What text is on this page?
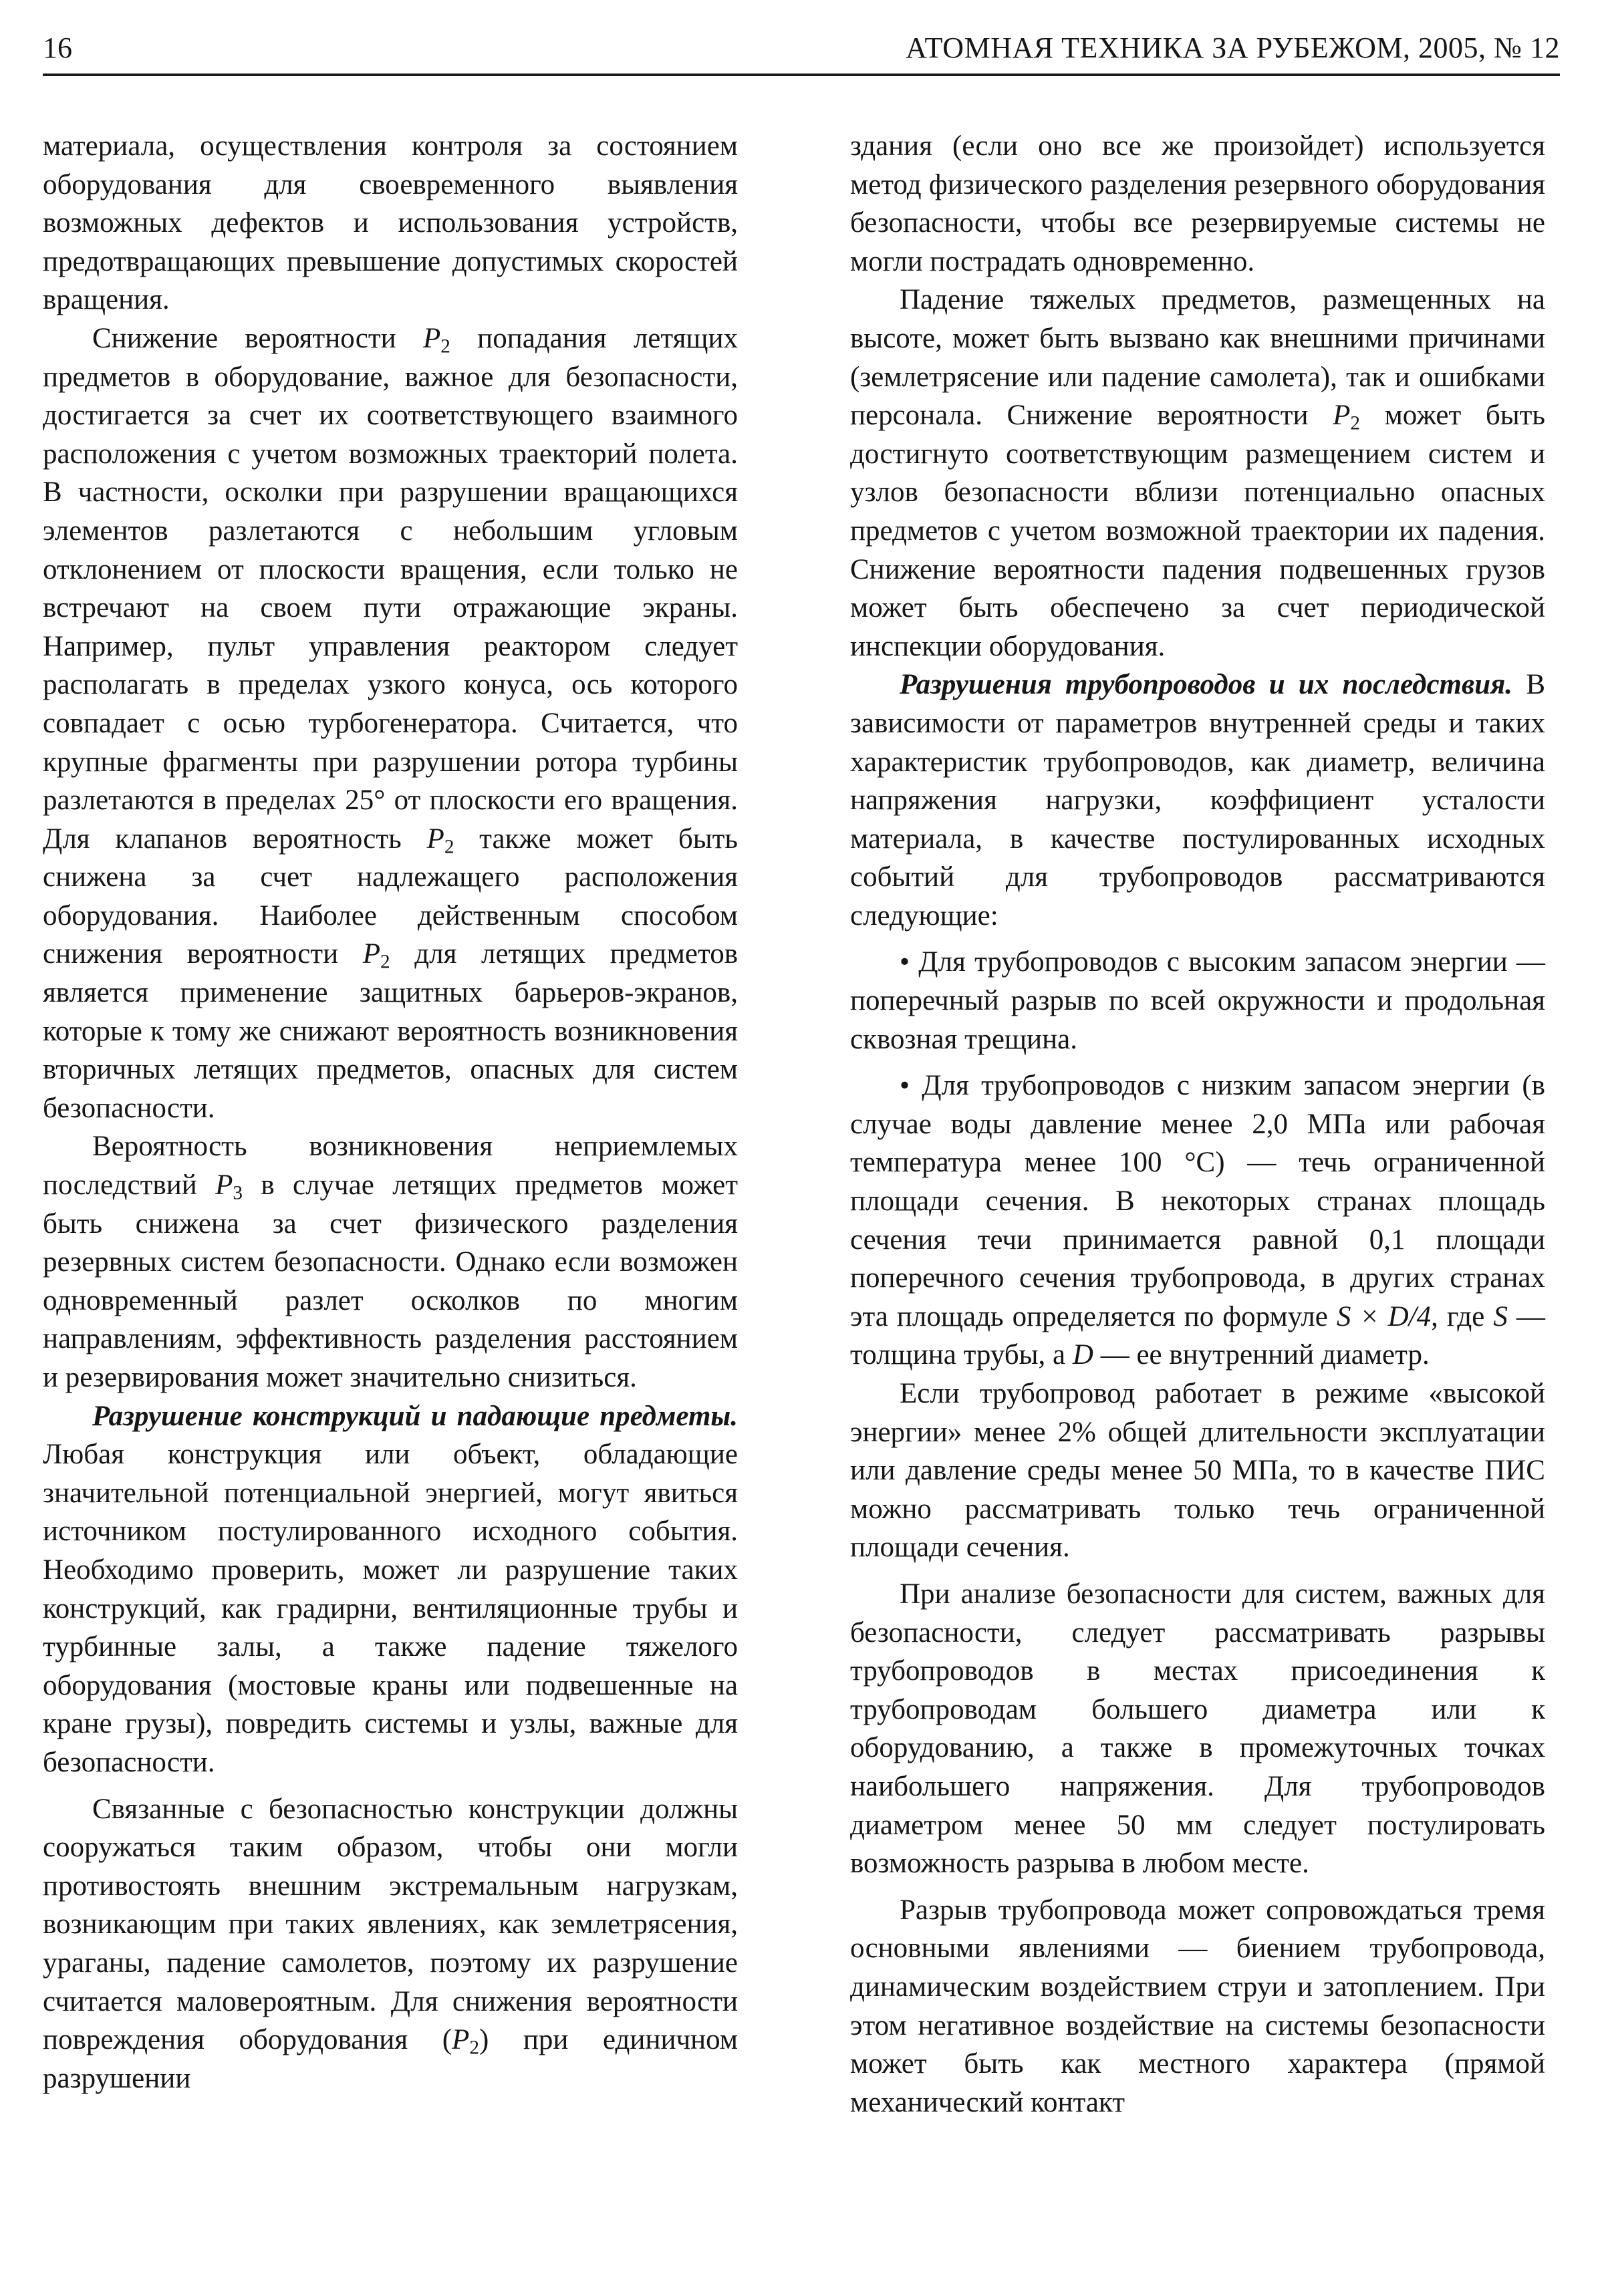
16	АТОМНАЯ ТЕХНИКА ЗА РУБЕЖОМ, 2005, № 12

материала, осуществления контроля за состоянием оборудования для своевременного выявления возможных дефектов и использования устройств, предотвращающих превышение допустимых скоростей вращения.

Снижение вероятности $P_2$ попадания летящих предметов в оборудование, важное для безопасности, достигается за счет их соответствующего взаимного расположения с учетом возможных траекторий полета. В частности, осколки при разрушении вращающихся элементов разлетаются с небольшим угловым отклонением от плоскости вращения, если только не встречают на своем пути отражающие экраны. Например, пульт управления реактором следует располагать в пределах узкого конуса, ось которого совпадает с осью турбогенератора. Считается, что крупные фрагменты при разрушении ротора турбины разлетаются в пределах 25° от плоскости его вращения. Для клапанов вероятность $P_2$ также может быть снижена за счет надлежащего расположения оборудования. Наиболее действенным способом снижения вероятности $P_2$ для летящих предметов является применение защитных барьеров-экранов, которые к тому же снижают вероятность возникновения вторичных летящих предметов, опасных для систем безопасности.

Вероятность возникновения неприемлемых последствий $P_3$ в случае летящих предметов может быть снижена за счет физического разделения резервных систем безопасности. Однако если возможен одновременный разлет осколков по многим направлениям, эффективность разделения расстоянием и резервирования может значительно снизиться.

Разрушение конструкций и падающие предметы. Любая конструкция или объект, обладающие значительной потенциальной энергией, могут явиться источником постулированного исходного события. Необходимо проверить, может ли разрушение таких конструкций, как градирни, вентиляционные трубы и турбинные залы, а также падение тяжелого оборудования (мостовые краны или подвешенные на кране грузы), повредить системы и узлы, важные для безопасности.

Связанные с безопасностью конструкции должны сооружаться таким образом, чтобы они могли противостоять внешним экстремальным нагрузкам, возникающим при таких явлениях, как землетрясения, ураганы, падение самолетов, поэтому их разрушение считается маловероятным. Для снижения вероятности повреждения оборудования $(P_2)$ при единичном разрушении

здания (если оно все же произойдет) используется метод физического разделения резервного оборудования безопасности, чтобы все резервируемые системы не могли пострадать одновременно.

Падение тяжелых предметов, размещенных на высоте, может быть вызвано как внешними причинами (землетрясение или падение самолета), так и ошибками персонала. Снижение вероятности $P_2$ может быть достигнуто соответствующим размещением систем и узлов безопасности вблизи потенциально опасных предметов с учетом возможной траектории их падения. Снижение вероятности падения подвешенных грузов может быть обеспечено за счет периодической инспекции оборудования.

Разрушения трубопроводов и их последствия. В зависимости от параметров внутренней среды и таких характеристик трубопроводов, как диаметр, величина напряжения нагрузки, коэффициент усталости материала, в качестве постулированных исходных событий для трубопроводов рассматриваются следующие:

• Для трубопроводов с высоким запасом энергии — поперечный разрыв по всей окружности и продольная сквозная трещина.

• Для трубопроводов с низким запасом энергии (в случае воды давление менее 2,0 МПа или рабочая температура менее 100 °C) — течь ограниченной площади сечения. В некоторых странах площадь сечения течи принимается равной 0,1 площади поперечного сечения трубопровода, в других странах эта площадь определяется по формуле S × D/4, где S — толщина трубы, а D — ее внутренний диаметр.

Если трубопровод работает в режиме «высокой энергии» менее 2% общей длительности эксплуатации или давление среды менее 50 МПа, то в качестве ПИС можно рассматривать только течь ограниченной площади сечения.

При анализе безопасности для систем, важных для безопасности, следует рассматривать разрывы трубопроводов в местах присоединения к трубопроводам большего диаметра или к оборудованию, а также в промежуточных точках наибольшего напряжения. Для трубопроводов диаметром менее 50 мм следует постулировать возможность разрыва в любом месте.

Разрыв трубопровода может сопровождаться тремя основными явлениями — биением трубопровода, динамическим воздействием струи и затоплением. При этом негативное воздействие на системы безопасности может быть как местного характера (прямой механический контакт
